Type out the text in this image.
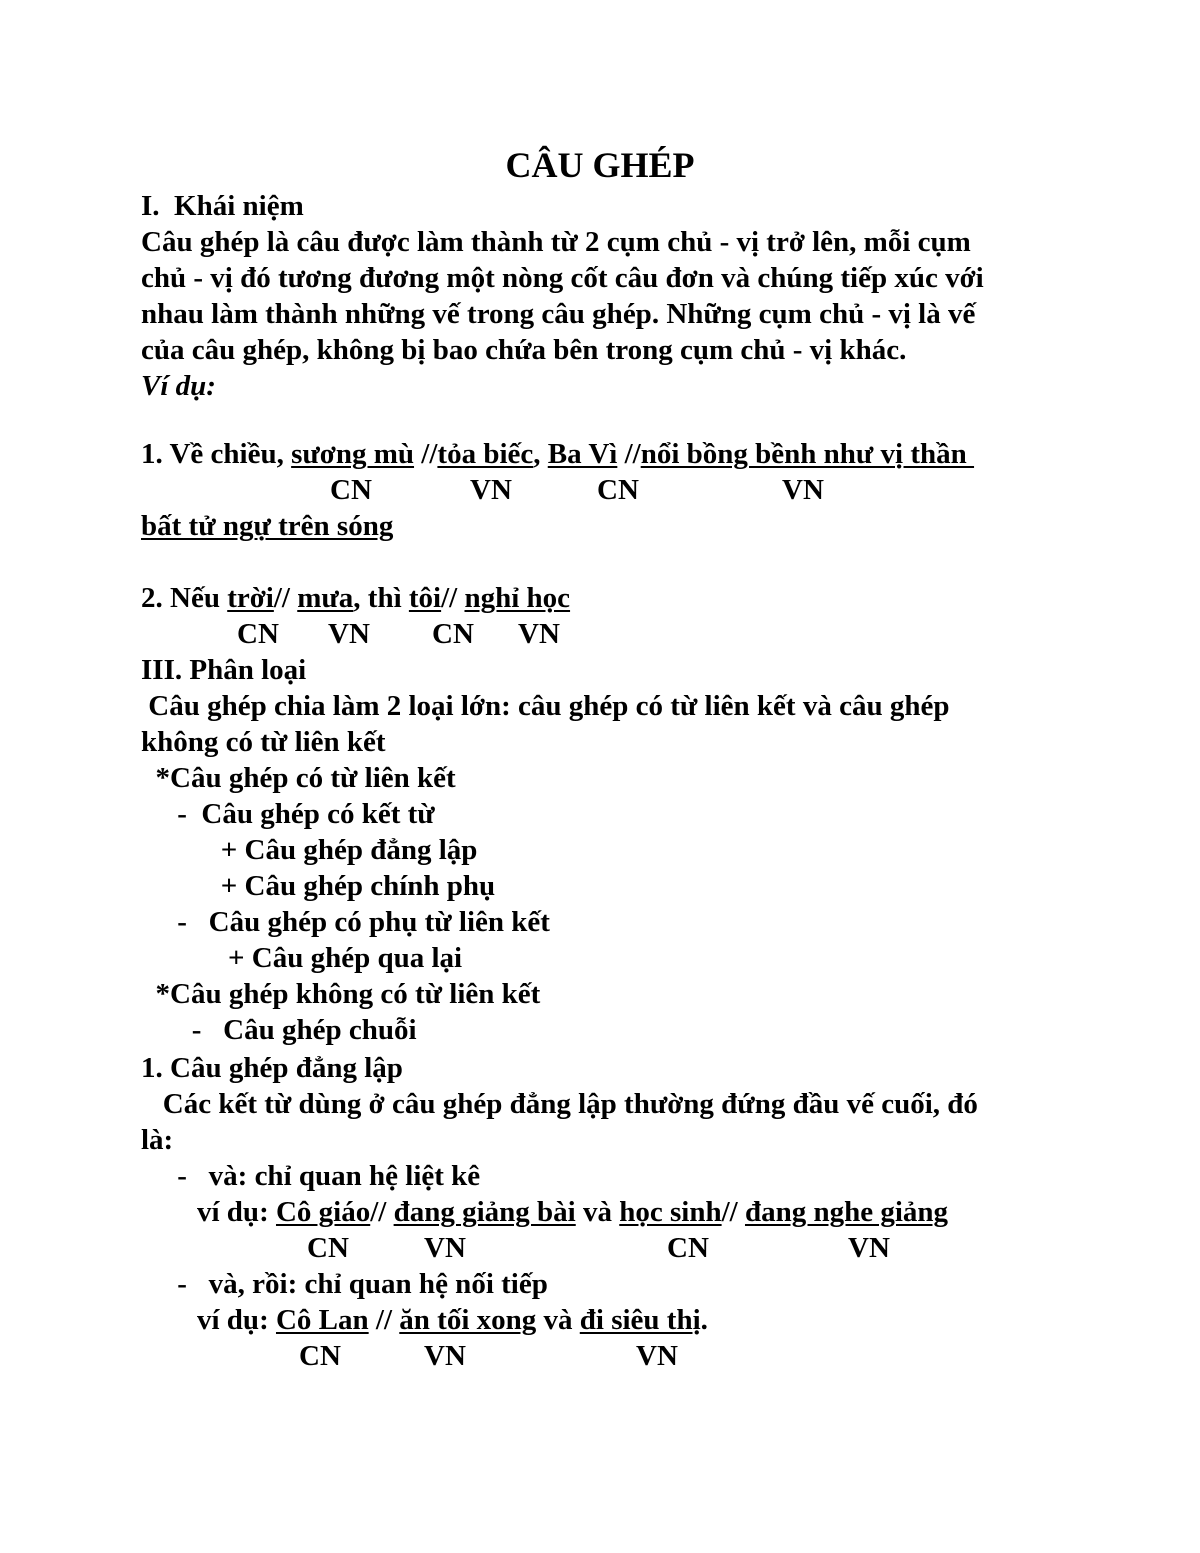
CÂU GHÉP
I.  Khái niệm
Câu ghép là câu được làm thành từ 2 cụm chủ - vị trở lên, mỗi cụm
chủ - vị đó tương đương một nòng cốt câu đơn và chúng tiếp xúc với
nhau làm thành những vế trong câu ghép. Những cụm chủ - vị là vế
của câu ghép, không bị bao chứa bên trong cụm chủ - vị khác.
Ví dụ:
1. Về chiều, sương mù //tỏa biếc, Ba Vì //nổi bồng bềnh như vị thần
CN	VN	CN	VN
bất tử ngự trên sóng
2. Nếu trời// mưa, thì tôi// nghỉ học
CN VN CN VN
III. Phân loại
Câu ghép chia làm 2 loại lớn: câu ghép có từ liên kết và câu ghép
không có từ liên kết
*Câu ghép có từ liên kết
-  Câu ghép có kết từ
+ Câu ghép đẳng lập
+ Câu ghép chính phụ
-   Câu ghép có phụ từ liên kết
+ Câu ghép qua lại
*Câu ghép không có từ liên kết
-   Câu ghép chuỗi
1. Câu ghép đẳng lập
Các kết từ dùng ở câu ghép đẳng lập thường đứng đầu vế cuối, đó
là:
-   và: chỉ quan hệ liệt kê
ví dụ: Cô giáo// đang giảng bài và học sinh// đang nghe giảng
CN	VN	CN	VN
-   và, rồi: chỉ quan hệ nối tiếp
ví dụ: Cô Lan // ăn tối xong và đi siêu thị.
CN	VN	VN
